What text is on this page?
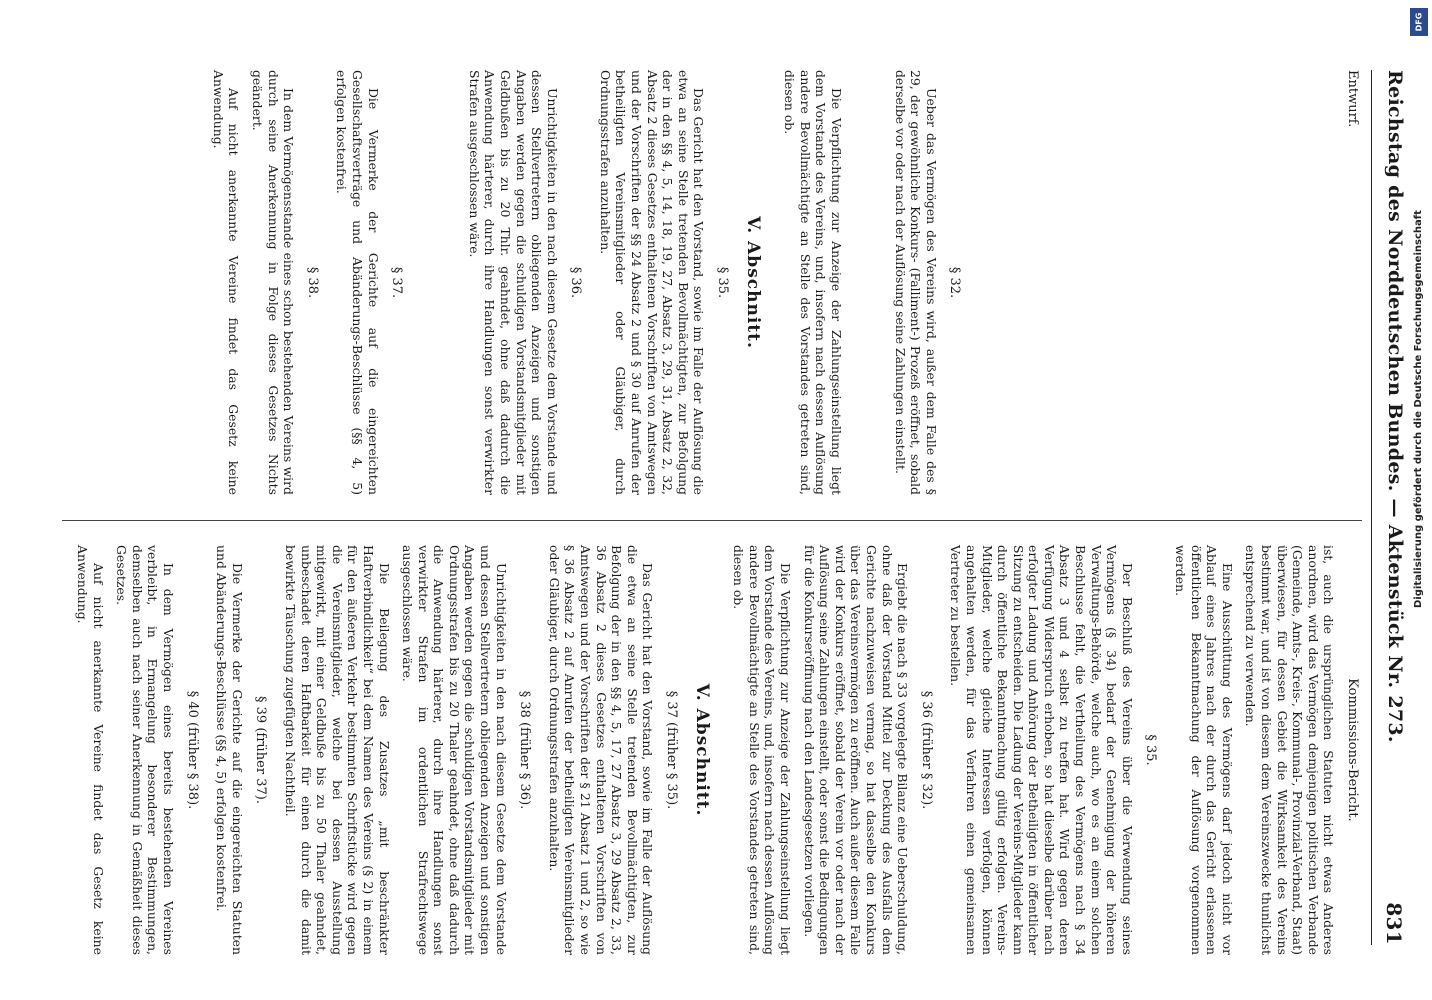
Reichstag des Norddeutschen Bundes. — Aktenstück Nr. 273.
831

Entwurf.

§ 32.

Ueber das Vermögen des Vereins wird, außer dem Falle des § 29, der gewöhnliche Konkurs- (Falliment-) Prozeß eröffnet, sobald derselbe vor oder nach der Auflösung seine Zahlungen einstellt.

Die Verpflichtung zur Anzeige der Zahlungseinstellung liegt dem Vorstande des Vereins, und, insofern nach dessen Auflösung andere Bevollmächtigte an Stelle des Vorstandes getreten sind, diesen ob.

V. Abschnitt.

§ 35.

Das Gericht hat den Vorstand, sowie im Falle der Auflösung die etwa an seine Stelle tretenden Bevollmächtigten, zur Befolgung der in den §§ 4, 5, 14, 18, 19, 27, Absatz 3, 29, 31, Absatz 2, 32, Absatz 2 dieses Gesetzes enthaltenen Vorschriften von Amtswegen und der Vorschriften der §§ 24 Absatz 2 und § 30 auf Anrufen der betheiligten Vereinsmitglieder oder Gläubiger, durch Ordnungsstrafen anzuhalten.

§ 36.

Unrichtigkeiten in den nach diesem Gesetze dem Vorstande und dessen Stellvertretern obliegenden Anzeigen und sonstigen Angaben werden gegen die schuldigen Vorstandsmitglieder mit Geldbußen bis zu 20 Thlr. geahndet, ohne daß dadurch die Anwendung härterer, durch ihre Handlungen sonst verwirkter Strafen ausgeschlossen wäre.

§ 37.

Die Vermerke der Gerichte auf die eingereichten Gesellschaftsverträge und Abänderungs-Beschlüsse (§§ 4, 5) erfolgen kostenfrei.

§ 38.

In dem Vermögensstande eines schon bestehenden Vereins wird durch seine Anerkennung in Folge dieses Gesetzes Nichts geändert.

Auf nicht anerkannte Vereine findet das Gesetz keine Anwendung.

Kommissions-Bericht.

ist, auch die ursprünglichen Statuten nicht etwas Anderes anordnen, wird das Vermögen demjenigen politischen Verbande (Gemeinde, Amts-, Kreis-, Kommunal-, Provinzial-Verband, Staat) überwiesen, für dessen Gebiet die Wirksamkeit des Vereins bestimmt war, und ist von diesem dem Vereinszwecke thunlichst entsprechend zu verwenden.

Eine Ausschüttung des Vermögens darf jedoch nicht vor Ablauf eines Jahres nach der durch das Gericht erlassenen öffentlichen Bekanntmachung der Auflösung vorgenommen werden.

§ 35.

Der Beschluß des Vereins über die Verwendung seines Vermögens (§ 34) bedarf der Genehmigung der höheren Verwaltungs-Behörde, welche auch, wo es an einem solchen Beschlusse fehlt, die Vertheilung des Vermögens nach § 34 Absatz 3 und 4 selbst zu treffen hat. Wird gegen deren Verfügung Widerspruch erhoben, so hat dieselbe darüber nach erfolgter Ladung und Anhörung der Betheiligten in öffentlicher Sitzung zu entscheiden. Die Ladung der Vereins-Mitglieder kann durch öffentliche Bekanntmachung gültig erfolgen. Vereins-Mitglieder, welche gleiche Interessen verfolgen, können angehalten werden, für das Verfahren einen gemeinsamen Vertreter zu bestellen.

§ 36 (früher § 32).

Ergiebt die nach § 33 vorgelegte Bilanz eine Ueberschuldung, ohne daß der Vorstand Mittel zur Deckung des Ausfalls dem Gerichte nachzuweisen vermag, so hat dasselbe den Konkurs über das Vereinsvermögen zu eröffnen. Auch außer diesem Falle wird der Konkurs eröffnet, sobald der Verein vor oder nach der Auflösung seine Zahlungen einstellt, oder sonst die Bedingungen für die Konkurseröffnung nach den Landesgesetzen vorliegen.

Die Verpflichtung zur Anzeige der Zahlungseinstellung liegt dem Vorstande des Vereins, und, insofern nach dessen Auflösung andere Bevollmächtigte an Stelle des Vorstandes getreten sind, diesen ob.

V. Abschnitt.

§ 37 (früher § 35).

Das Gericht hat den Vorstand, sowie im Falle der Auflösung die etwa an seine Stelle tretenden Bevollmächtigten, zur Befolgung der in den §§ 4, 5, 17, 27 Absatz 3, 29 Absatz 2, 33, 36 Absatz 2 dieses Gesetzes enthaltenen Vorschriften von Amtswegen und der Vorschriften der § 21 Absatz 1 und 2, so wie § 36 Absatz 2 auf Anrufen der betheiligten Vereinsmitglieder oder Gläubiger, durch Ordnungsstrafen anzuhalten.

§ 38 (früher § 36).

Unrichtigkeiten in den nach diesem Gesetze dem Vorstande und dessen Stellvertretern obliegenden Anzeigen und sonstigen Angaben werden gegen die schuldigen Vorstandsmitglieder mit Ordnungsstrafen bis zu 20 Thaler geahndet, ohne daß dadurch die Anwendung härterer, durch ihre Handlungen sonst verwirkter Strafen im ordentlichen Strafrechtswege ausgeschlossen wäre.

Die Beilegung des Zusatzes „mit beschränkter Haftverbindlichkeit“ bei dem Namen des Vereins (§ 2) in einem für den äußeren Verkehr bestimmten Schriftstücke wird gegen die Vereinsmitglieder, welche bei dessen Ausstellung mitgewirkt, mit einer Geldbuße bis zu 50 Thaler geahndet, unbeschadet deren Haftbarkeit für einen durch die damit bewirkte Täuschung zugefügten Nachtheil.

§ 39 (früher 37).

Die Vermerke der Gerichte auf die eingereichten Statuten und Abänderungs-Beschlüsse (§§ 4, 5) erfolgen kostenfrei.

§ 40 (früher § 38).

In dem Vermögen eines bereits bestehenden Vereines verbleibt, in Ermangelung besonderer Bestimmungen, demselben auch nach seiner Anerkennung in Gemäßheit dieses Gesetzes.

Auf nicht anerkannte Vereine findet das Gesetz keine Anwendung.

DFG
Digitalisierung gefördert durch die Deutsche Forschungsgemeinschaft
